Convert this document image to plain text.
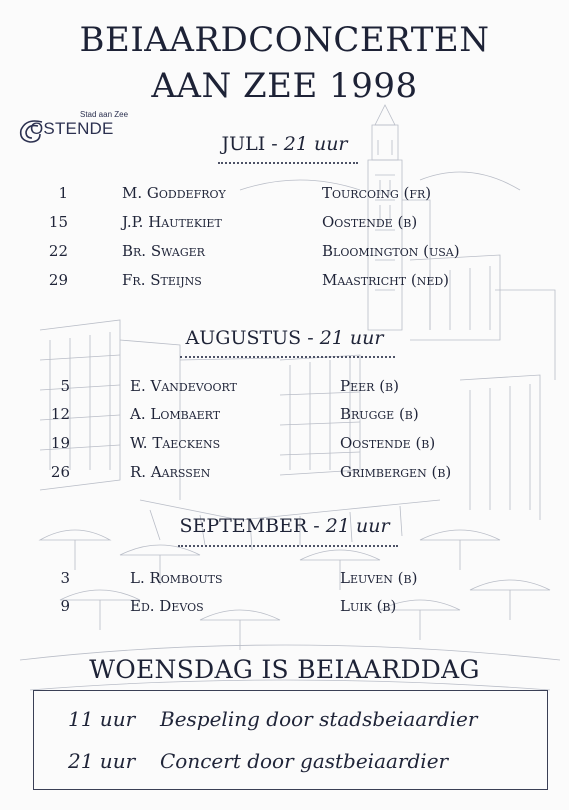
BEIAARDCONCERTEN
AAN ZEE 1998
Stad aan Zee
OSTENDE
JULI - 21 uur
1	M. Goddefroy	Tourcoing (fr)
15	J.P. Hautekiet	Oostende (b)
22	Br. Swager	Bloomington (usa)
29	Fr. Steijns	Maastricht (ned)
AUGUSTUS - 21 uur
5	E. Vandevoort	Peer (b)
12	A. Lombaert	Brugge (b)
19	W. Taeckens	Oostende (b)
26	R. Aarssen	Grimbergen (b)
SEPTEMBER - 21 uur
3	L. Rombouts	Leuven (b)
9	Ed. Devos	Luik (b)
WOENSDAG IS BEIAARDDAG
11 uur Bespeling door stadsbeiaardier
21 uur Concert door gastbeiaardier
